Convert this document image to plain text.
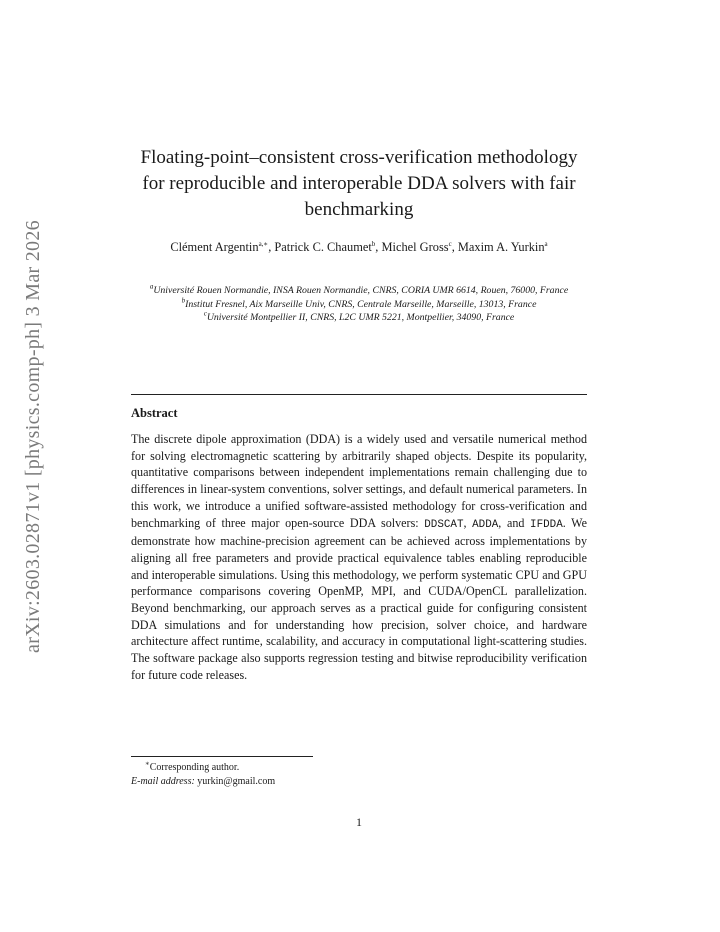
arXiv:2603.02871v1 [physics.comp-ph] 3 Mar 2026
Floating-point–consistent cross-verification methodology for reproducible and interoperable DDA solvers with fair benchmarking
Clément Argentin$^{a,∗}$, Patrick C. Chaumet$^b$, Michel Gross$^c$, Maxim A. Yurkin$^a$
$^a$Université Rouen Normandie, INSA Rouen Normandie, CNRS, CORIA UMR 6614, Rouen, 76000, France
$^b$Institut Fresnel, Aix Marseille Univ, CNRS, Centrale Marseille, Marseille, 13013, France
$^c$Université Montpellier II, CNRS, L2C UMR 5221, Montpellier, 34090, France
Abstract
The discrete dipole approximation (DDA) is a widely used and versatile numerical method for solving electromagnetic scattering by arbitrarily shaped objects. Despite its popularity, quantitative comparisons between independent implementations remain challenging due to differences in linear-system conventions, solver settings, and default numerical parameters. In this work, we introduce a unified software-assisted methodology for cross-verification and benchmarking of three major open-source DDA solvers: DDSCAT, ADDA, and IFDDA. We demonstrate how machine-precision agreement can be achieved across implementations by aligning all free parameters and provide practical equivalence tables enabling reproducible and interoperable simulations. Using this methodology, we perform systematic CPU and GPU performance comparisons covering OpenMP, MPI, and CUDA/OpenCL parallelization. Beyond benchmarking, our approach serves as a practical guide for configuring consistent DDA simulations and for understanding how precision, solver choice, and hardware architecture affect runtime, scalability, and accuracy in computational light-scattering studies. The software package also supports regression testing and bitwise reproducibility verification for future code releases.
∗Corresponding author.
E-mail address: yurkin@gmail.com
1
